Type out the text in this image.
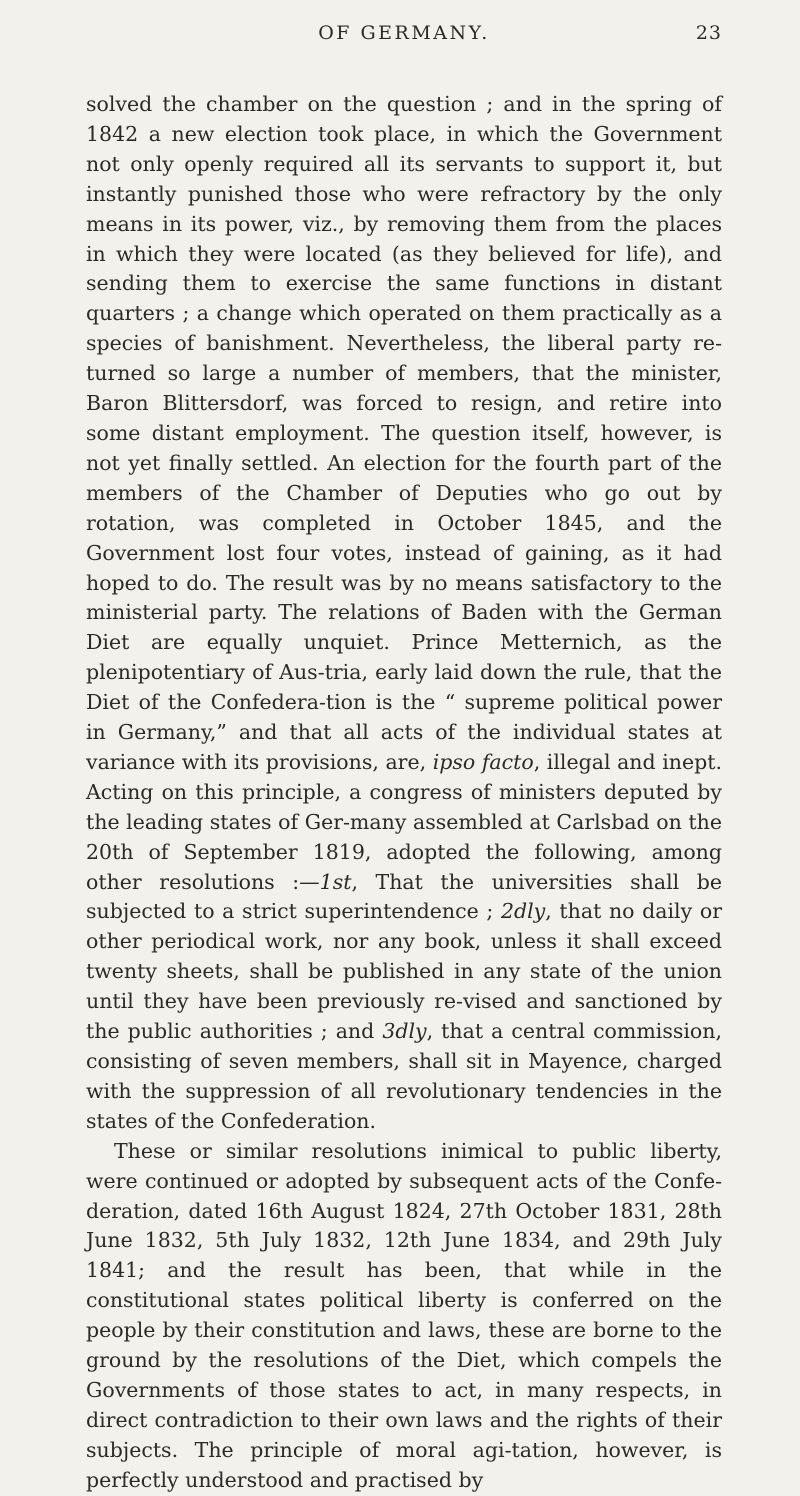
OF GERMANY.	23

solved the chamber on the question ; and in the spring of 1842 a new election took place, in which the Government not only openly required all its servants to support it, but instantly punished those who were refractory by the only means in its power, viz., by removing them from the places in which they were located (as they believed for life), and sending them to exercise the same functions in distant quarters ; a change which operated on them practically as a species of banishment. Nevertheless, the liberal party re-turned so large a number of members, that the minister, Baron Blittersdorf, was forced to resign, and retire into some distant employment. The question itself, however, is not yet finally settled. An election for the fourth part of the members of the Chamber of Deputies who go out by rotation, was completed in October 1845, and the Government lost four votes, instead of gaining, as it had hoped to do. The result was by no means satisfactory to the ministerial party. The relations of Baden with the German Diet are equally unquiet. Prince Metternich, as the plenipotentiary of Aus-tria, early laid down the rule, that the Diet of the Confedera-tion is the “ supreme political power in Germany,” and that all acts of the individual states at variance with its provisions, are, ipso facto, illegal and inept. Acting on this principle, a congress of ministers deputed by the leading states of Ger-many assembled at Carlsbad on the 20th of September 1819, adopted the following, among other resolutions :—1st, That the universities shall be subjected to a strict superintendence ; 2dly, that no daily or other periodical work, nor any book, unless it shall exceed twenty sheets, shall be published in any state of the union until they have been previously re-vised and sanctioned by the public authorities ; and 3dly, that a central commission, consisting of seven members, shall sit in Mayence, charged with the suppression of all revolutionary tendencies in the states of the Confederation.

These or similar resolutions inimical to public liberty, were continued or adopted by subsequent acts of the Confe-deration, dated 16th August 1824, 27th October 1831, 28th June 1832, 5th July 1832, 12th June 1834, and 29th July 1841; and the result has been, that while in the constitutional states political liberty is conferred on the people by their constitution and laws, these are borne to the ground by the resolutions of the Diet, which compels the Governments of those states to act, in many respects, in direct contradiction to their own laws and the rights of their subjects. The principle of moral agi-tation, however, is perfectly understood and practised by
